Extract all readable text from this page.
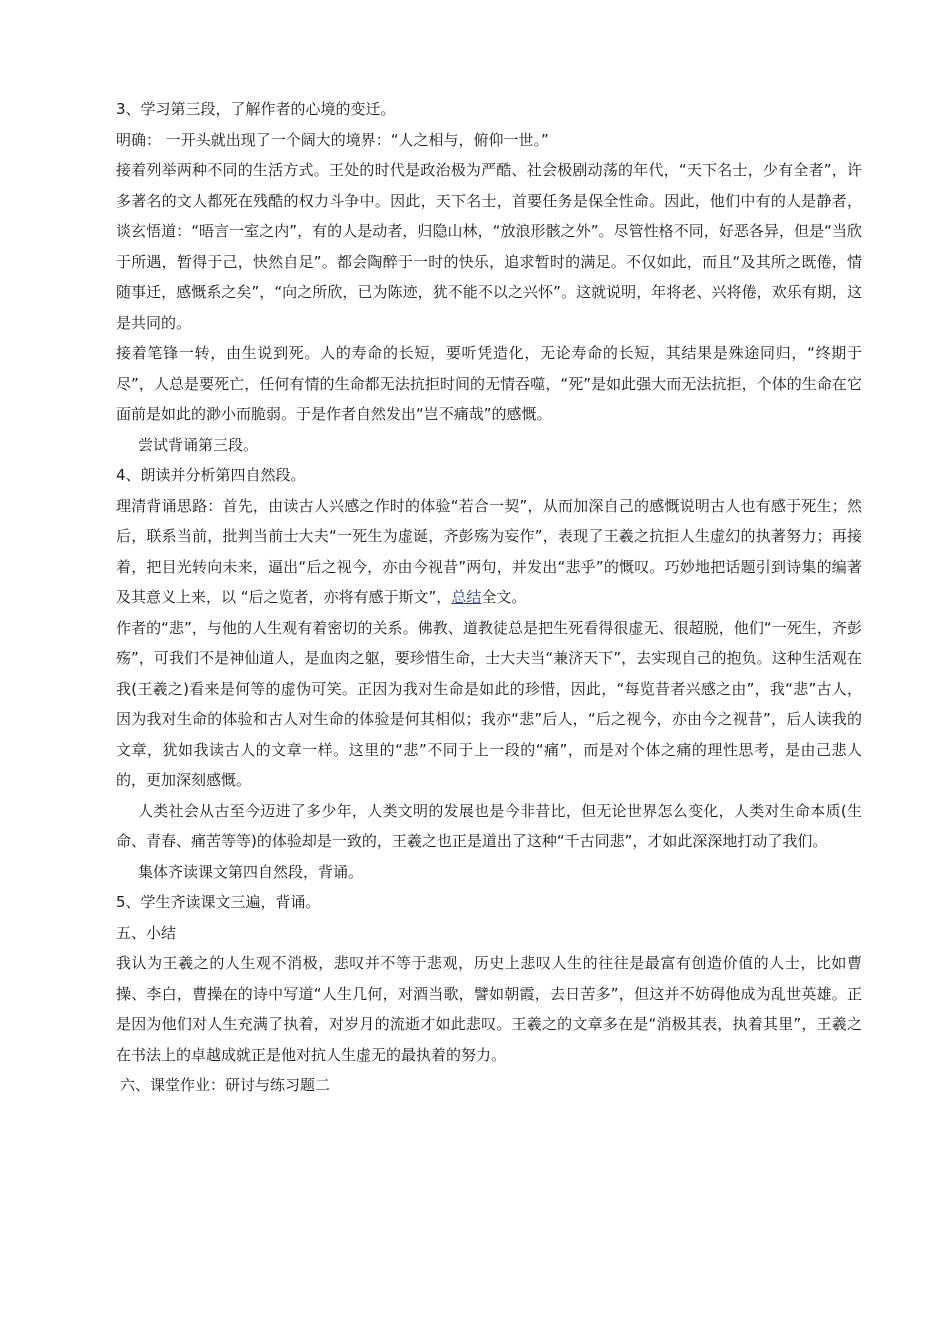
3、学习第三段，了解作者的心境的变迁。

明确： 一开头就出现了一个阔大的境界：“人之相与，俯仰一世。”

接着列举两种不同的生活方式。王处的时代是政治极为严酷、社会极剧动荡的年代，“天下名士，少有全者”，许多著名的文人都死在残酷的权力斗争中。因此，天下名士，首要任务是保全性命。因此，他们中有的人是静者，谈玄悟道：“晤言一室之内”，有的人是动者，归隐山林，“放浪形骸之外”。尽管性格不同，好恶各异，但是“当欣于所遇，暂得于己，快然自足”。都会陶醉于一时的快乐，追求暂时的满足。不仅如此，而且“及其所之既倦，情随事迁，感慨系之矣”，“向之所欣，已为陈迹，犹不能不以之兴怀”。这就说明，年将老、兴将倦，欢乐有期，这是共同的。

接着笔锋一转，由生说到死。人的寿命的长短，要听凭造化，无论寿命的长短，其结果是殊途同归，“终期于尽”，人总是要死亡，任何有情的生命都无法抗拒时间的无情吞噬，“死”是如此强大而无法抗拒，个体的生命在它面前是如此的渺小而脆弱。于是作者自然发出“岂不痛哉”的感慨。

尝试背诵第三段。

4、朗读并分析第四自然段。

理清背诵思路：首先，由读古人兴感之作时的体验“若合一契”，从而加深自己的感慨说明古人也有感于死生；然后，联系当前，批判当前士大夫“一死生为虚诞，齐彭殇为妄作”，表现了王羲之抗拒人生虚幻的执著努力；再接着，把目光转向未来，逼出“后之视今，亦由今视昔”两句，并发出“悲乎”的慨叹。巧妙地把话题引到诗集的编著及其意义上来，以 “后之览者，亦将有感于斯文”，总结全文。

作者的“悲”，与他的人生观有着密切的关系。佛教、道教徒总是把生死看得很虚无、很超脱，他们“一死生，齐彭殇”，可我们不是神仙道人，是血肉之躯，要珍惜生命，士大夫当“兼济天下”，去实现自己的抱负。这种生活观在我(王羲之)看来是何等的虚伪可笑。正因为我对生命是如此的珍惜，因此，“每览昔者兴感之由”，我“悲”古人，因为我对生命的体验和古人对生命的体验是何其相似；我亦“悲”后人，“后之视今，亦由今之视昔”，后人读我的文章，犹如我读古人的文章一样。这里的“悲”不同于上一段的“痛”，而是对个体之痛的理性思考，是由己悲人的，更加深刻感慨。

人类社会从古至今迈进了多少年，人类文明的发展也是今非昔比，但无论世界怎么变化，人类对生命本质(生命、青春、痛苦等等)的体验却是一致的，王羲之也正是道出了这种“千古同悲”，才如此深深地打动了我们。

集体齐读课文第四自然段，背诵。

5、学生齐读课文三遍，背诵。

五、小结

我认为王羲之的人生观不消极，悲叹并不等于悲观，历史上悲叹人生的往往是最富有创造价值的人士，比如曹操、李白，曹操在的诗中写道“人生几何，对酒当歌，譬如朝霞，去日苦多”，但这并不妨碍他成为乱世英雄。正是因为他们对人生充满了执着，对岁月的流逝才如此悲叹。王羲之的文章多在是“消极其表，执着其里”，王羲之在书法上的卓越成就正是他对抗人生虚无的最执着的努力。

六、课堂作业：研讨与练习题二
